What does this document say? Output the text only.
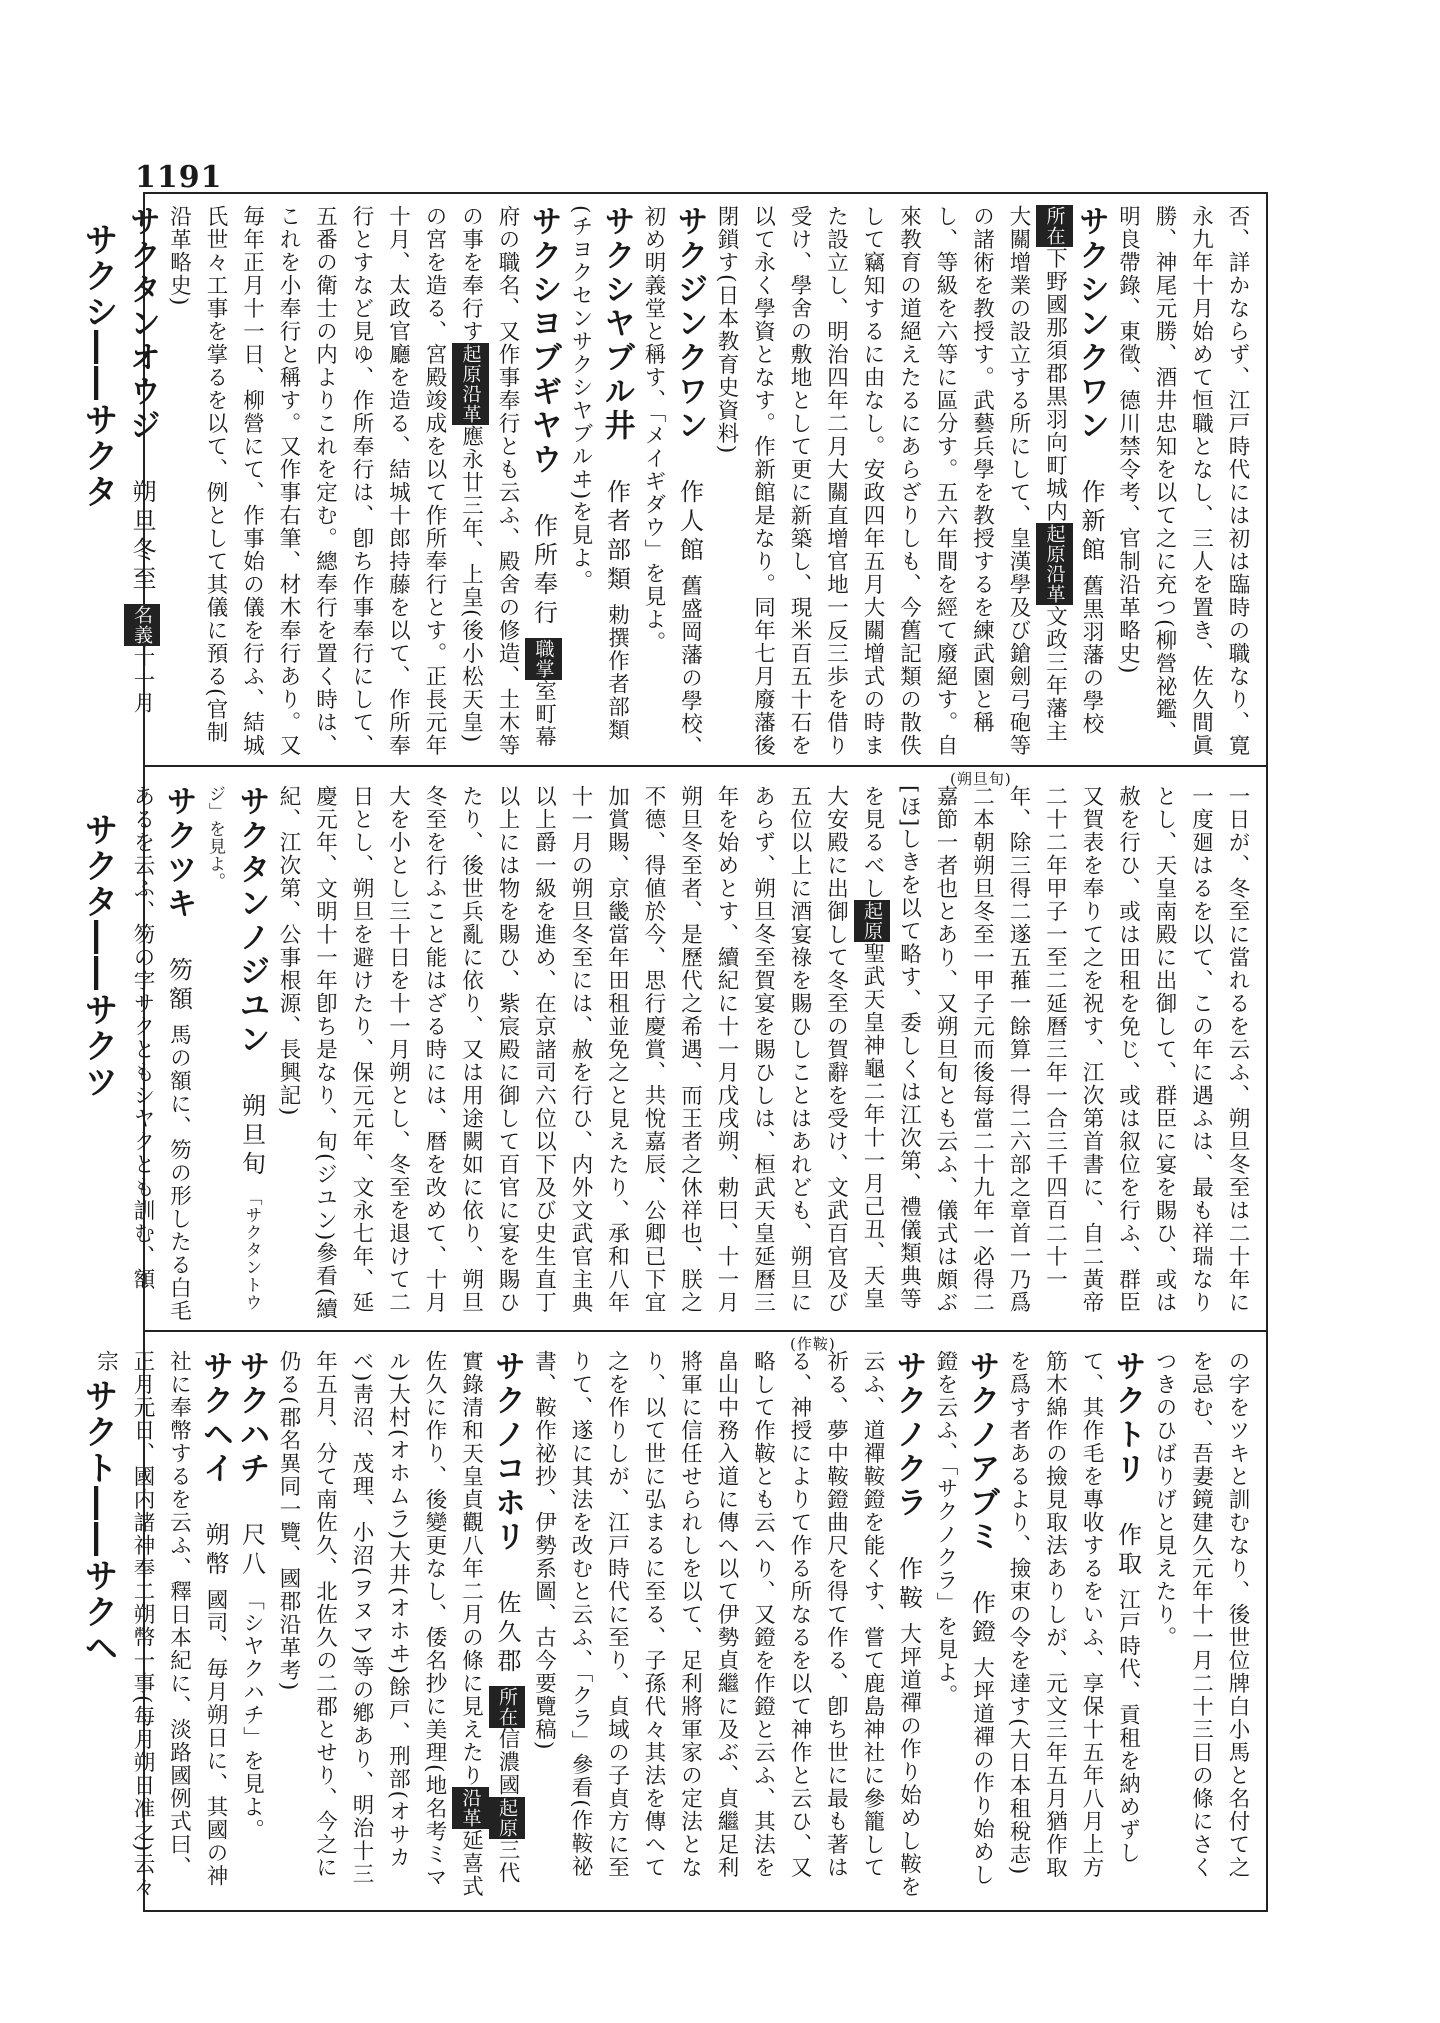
1191
サクシ――サクタ
サクタ――サクツ
サクト――サクヘ
(朔旦旬)
(作鞍)
否、詳かならず、江戸時代には初は臨時の職なり、寛永九年十月始めて恒職となし、三人を置き、佐久間眞勝、神尾元勝、酒井忠知を以て之に充つ(柳營祕鑑、明良帶錄、東徵、德川禁令考、官制沿革略史)
サクシンクワン 作新館 舊黒羽藩の學校
所在下野國那須郡黒羽向町城内起原沿革文政三年藩主大關增業の設立する所にして、皇漢學及び鎗劍弓砲等の諸術を教授す。武藝兵學を教授するを練武園と稱し、等級を六等に區分す。五六年間を經て廢絕す。自來教育の道絕えたるにあらざりしも、今舊記類の散佚して竊知するに由なし。安政四年五月大關增式の時また設立し、明治四年二月大關直增官地一反三歩を借り受け、學舍の敷地として更に新築し、現米百五十石を以て永く學資となす。作新館是なり。同年七月廢藩後閉鎖す(日本教育史資料)
サクジンクワン 作人館 舊盛岡藩の學校、初め明義堂と稱す、「メイギダウ」を見よ。
サクシヤブル井 作者部類 勅撰作者部類(チヨクセンサクシヤブルヰ)を見よ。
サクシヨブギヤウ 作所奉行 職掌室町幕府の職名、又作事奉行とも云ふ、殿舍の修造、土木等の事を奉行す起原沿革應永廿三年、上皇(後小松天皇)の宮を造る、宮殿竣成を以て作所奉行とす。正長元年十月、太政官廳を造る、結城十郎持藤を以て、作所奉行とすなど見ゆ、作所奉行は、卽ち作事奉行にして、五番の衛士の内よりこれを定む。總奉行を置く時は、これを小奉行と稱す。又作事右筆、材木奉行あり。又毎年正月十一日、柳營にて、作事始の儀を行ふ、結城氏世々工事を掌るを以て、例として其儀に預る(官制沿革略史)
サクタンオウジ 朔旦冬至 名義十一月
一日が、冬至に當れるを云ふ、朔旦冬至は二十年に一度廻はるを以て、この年に遇ふは、最も祥瑞なりとし、天皇南殿に出御して、群臣に宴を賜ひ、或は赦を行ひ、或は田租を免じ、或は叙位を行ふ、群臣又賀表を奉りて之を祝す、江次第首書に、自二黃帝二十二年甲子一至二延曆三年一合三千四百二十一年、除三得二遂五蓷一餘算一得二六部之章首一乃爲二本朝朔旦冬至一甲子元而後每當二十九年一必得二嘉節一者也とあり、又朔旦旬とも云ふ、儀式は頗ぶ[ほ]しきを以て略す、委しくは江次第、禮儀類典等を見るべし起原聖武天皇神龜二年十一月己丑、天皇大安殿に出御して冬至の賀辭を受け、文武百官及び五位以上に酒宴祿を賜ひしことはあれども、朔旦にあらず、朔旦冬至賀宴を賜ひしは、桓武天皇延曆三年を始めとす、續紀に十一月戊戌朔、勅曰、十一月朔旦冬至者、是歷代之希遇、而王者之休祥也、朕之不德、得値於今、思行慶賞、共悅嘉辰、公卿已下宜加賞賜、京畿當年田租並免之と見えたり、承和八年十一月の朔旦冬至には、赦を行ひ、内外文武官主典以上爵一級を進め、在京諸司六位以下及び史生直丁以上には物を賜ひ、紫宸殿に御して百官に宴を賜ひたり、後世兵亂に依り、又は用途闕如に依り、朔旦冬至を行ふこと能はざる時には、暦を改めて、十月大を小とし三十日を十一月朔とし、冬至を退けて二日とし、朔旦を避けたり、保元元年、文永七年、延慶元年、文明十一年卽ち是なり、旬(ジユン)參看(續紀、江次第、公事根源、長興記)
サクタンノジユン 朔旦旬 「サクタントウジ」を見よ。
サクツキ 笏額 馬の額に、笏の形したる白毛あるを云ふ、笏の字サクともシヤクとも訓む、額
の字をツキと訓むなり、後世位牌白小馬と名付て之を忌む、吾妻鏡建久元年十一月二十三日の條にさくつきのひばりげと見えたり。
サクトリ 作取 江戸時代、貢租を納めずして、其作毛を專收するをいふ、享保十五年八月上方筋木綿作の撿見取法ありしが、元文三年五月猶作取を爲す者あるより、撿束の令を達す(大日本租稅志)
サクノアブミ 作鐙 大坪道禪の作り始めし鐙を云ふ、「サクノクラ」を見よ。
サクノクラ 作鞍 大坪道禪の作り始めし鞍を云ふ、道禪鞍鐙を能くす、嘗て鹿島神社に參籠して祈る、夢中鞍鐙曲尺を得て作る、卽ち世に最も著はる、神授によりて作る所なるを以て神作と云ひ、又略して作鞍とも云へり、又鐙を作鐙と云ふ、其法を畠山中務入道に傳へ以て伊勢貞繼に及ぶ、貞繼足利將軍に信任せられしを以て、足利將軍家の定法となり、以て世に弘まるに至る、子孫代々其法を傳へて之を作りしが、江戸時代に至り、貞域の子貞方に至りて、遂に其法を改むと云ふ、「クラ」參看(作鞍祕書、鞍作祕抄、伊勢系圖、古今要覽稿)
サクノコホリ 佐久郡 所在信濃國起原三代實錄清和天皇貞觀八年二月の條に見えたり沿革延喜式佐久に作り、後變更なし、倭名抄に美理(地名考ミマル)大村(オホムラ)大井(オホヰ)餘戸、刑部(オサカベ)靑沼、茂理、小沼(ヲヌマ)等の鄕あり、明治十三年五月、分て南佐久、北佐久の二郡とせり、今之に仍る(郡名異同一覽、國郡沿革考)
サクハチ 尺八 「シヤクハチ」を見よ。
サクヘイ 朔幣 國司、毎月朔日に、其國の神社に奉幣するを云ふ、釋日本紀に、淡路國例式曰、正月元日、國内諸神奉二朔幣一事(每月朔日准之)云々宗
